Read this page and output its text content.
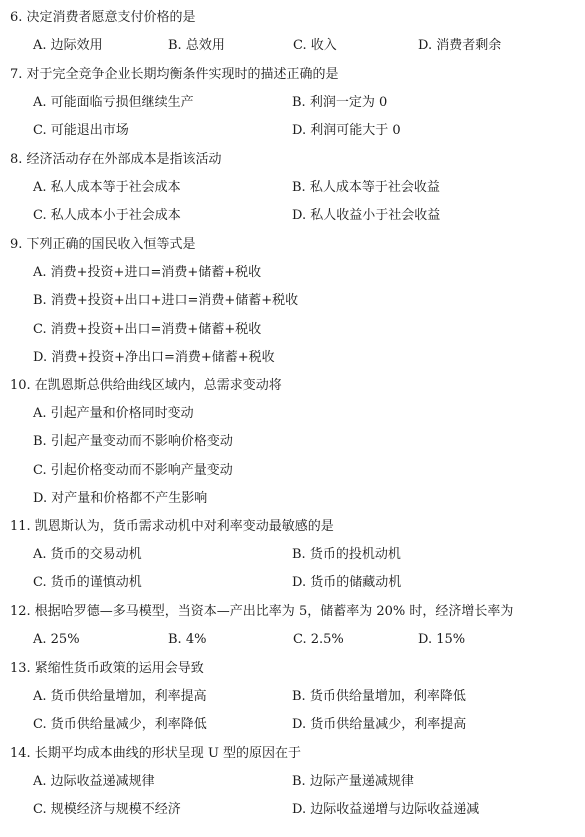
6. 决定消费者愿意支付价格的是
A. 边际效用	B. 总效用	C. 收入	D. 消费者剩余
7. 对于完全竞争企业长期均衡条件实现时的描述正确的是
A. 可能面临亏损但继续生产	B. 利润一定为 0
C. 可能退出市场	D. 利润可能大于 0
8. 经济活动存在外部成本是指该活动
A. 私人成本等于社会成本	B. 私人成本等于社会收益
C. 私人成本小于社会成本	D. 私人收益小于社会收益
9. 下列正确的国民收入恒等式是
A. 消费+投资+进口=消费+储蓄+税收
B. 消费+投资+出口+进口=消费+储蓄+税收
C. 消费+投资+出口=消费+储蓄+税收
D. 消费+投资+净出口=消费+储蓄+税收
10. 在凯恩斯总供给曲线区域内，总需求变动将
A. 引起产量和价格同时变动
B. 引起产量变动而不影响价格变动
C. 引起价格变动而不影响产量变动
D. 对产量和价格都不产生影响
11. 凯恩斯认为，货币需求动机中对利率变动最敏感的是
A. 货币的交易动机	B. 货币的投机动机
C. 货币的谨慎动机	D. 货币的储藏动机
12. 根据哈罗德—多马模型，当资本—产出比率为 5，储蓄率为 20% 时，经济增长率为
A. 25%	B. 4%	C. 2.5%	D. 15%
13. 紧缩性货币政策的运用会导致
A. 货币供给量增加，利率提高	B. 货币供给量增加，利率降低
C. 货币供给量减少，利率降低	D. 货币供给量减少，利率提高
14. 长期平均成本曲线的形状呈现 U 型的原因在于
A. 边际收益递减规律	B. 边际产量递减规律
C. 规模经济与规模不经济	D. 边际收益递增与边际收益递减
